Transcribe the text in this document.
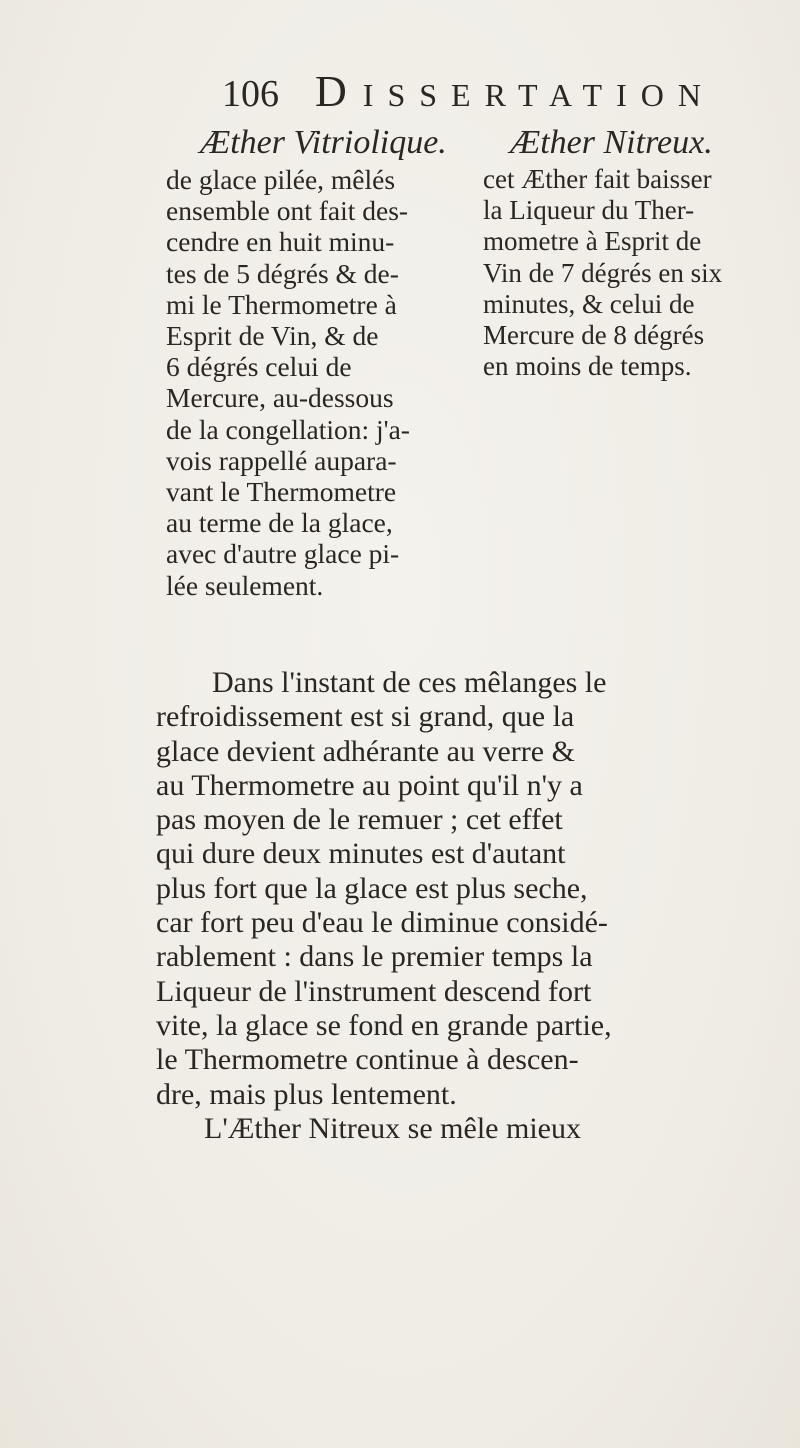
106 DISSERTATION
Æther Vitriolique. Æther Nitreux.
de glace pilée, mêlés
ensemble ont fait des-
cendre en huit minu-
tes de 5 dégrés & de-
mi le Thermometre à
Esprit de Vin, & de
6 dégrés celui de
Mercure, au-dessous
de la congellation: j'a-
vois rappellé aupara-
vant le Thermometre
au terme de la glace,
avec d'autre glace pi-
lée seulement.
cet Æther fait baisser
la Liqueur du Ther-
mometre à Esprit de
Vin de 7 dégrés en six
minutes, & celui de
Mercure de 8 dégrés
en moins de temps.
Dans l'instant de ces mêlanges le
refroidissement est si grand, que la
glace devient adhérante au verre &
au Thermometre au point qu'il n'y a
pas moyen de le remuer ; cet effet
qui dure deux minutes est d'autant
plus fort que la glace est plus seche,
car fort peu d'eau le diminue considé-
rablement : dans le premier temps la
Liqueur de l'instrument descend fort
vite, la glace se fond en grande partie,
le Thermometre continue à descen-
dre, mais plus lentement.
L'Æther Nitreux se mêle mieux
